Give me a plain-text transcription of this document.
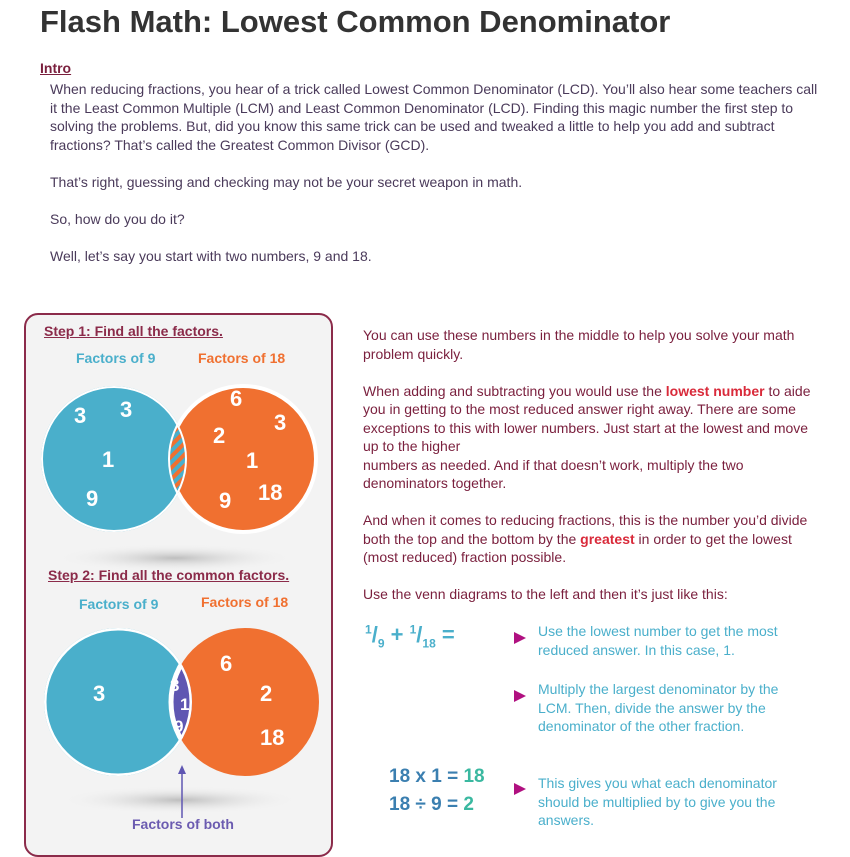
Flash Math: Lowest Common Denominator
Intro

When reducing fractions, you hear of a trick called Lowest Common Denominator (LCD). You’ll also hear some teachers call it the Least Common Multiple (LCM) and Least Common Denominator (LCD). Finding this magic number the first step to solving the problems. But, did you know this same trick can be used and tweaked a little to help you add and subtract fractions? That’s called the Greatest Common Divisor (GCD).

That’s right, guessing and checking may not be your secret weapon in math.

So, how do you do it?

Well, let’s say you start with two numbers, 9 and 18.

Step 1: Find all the factors.
Factors of 9	Factors of 18
3 3
1
9
6
2
3
1
9 18
Step 2: Find all the common factors.
Factors of 9	Factors of 18
3	3
1
9
6
2
18
Factors of both

You can use these numbers in the middle to help you solve your math problem quickly.

When adding and subtracting you would use the lowest number to aide you in getting to the most reduced answer right away. There are some exceptions to this with lower numbers. Just start at the lowest and move up to the higher

numbers as needed. And if that doesn’t work, multiply the two denominators together.

And when it comes to reducing fractions, this is the number you’d divide both the top and the bottom by the greatest in order to get the lowest (most reduced) fraction possible.

Use the venn diagrams to the left and then it’s just like this:

$^1/_9 + ^1/_{18}$ =	Use the lowest number to get the most reduced answer. In this case, 1.
Multiply the largest denominator by the LCM. Then, divide the answer by the denominator of the other fraction.
18 x 1 = 18
18 ÷ 9 = 2
This gives you what each denominator should be multiplied by to give you the answers.
